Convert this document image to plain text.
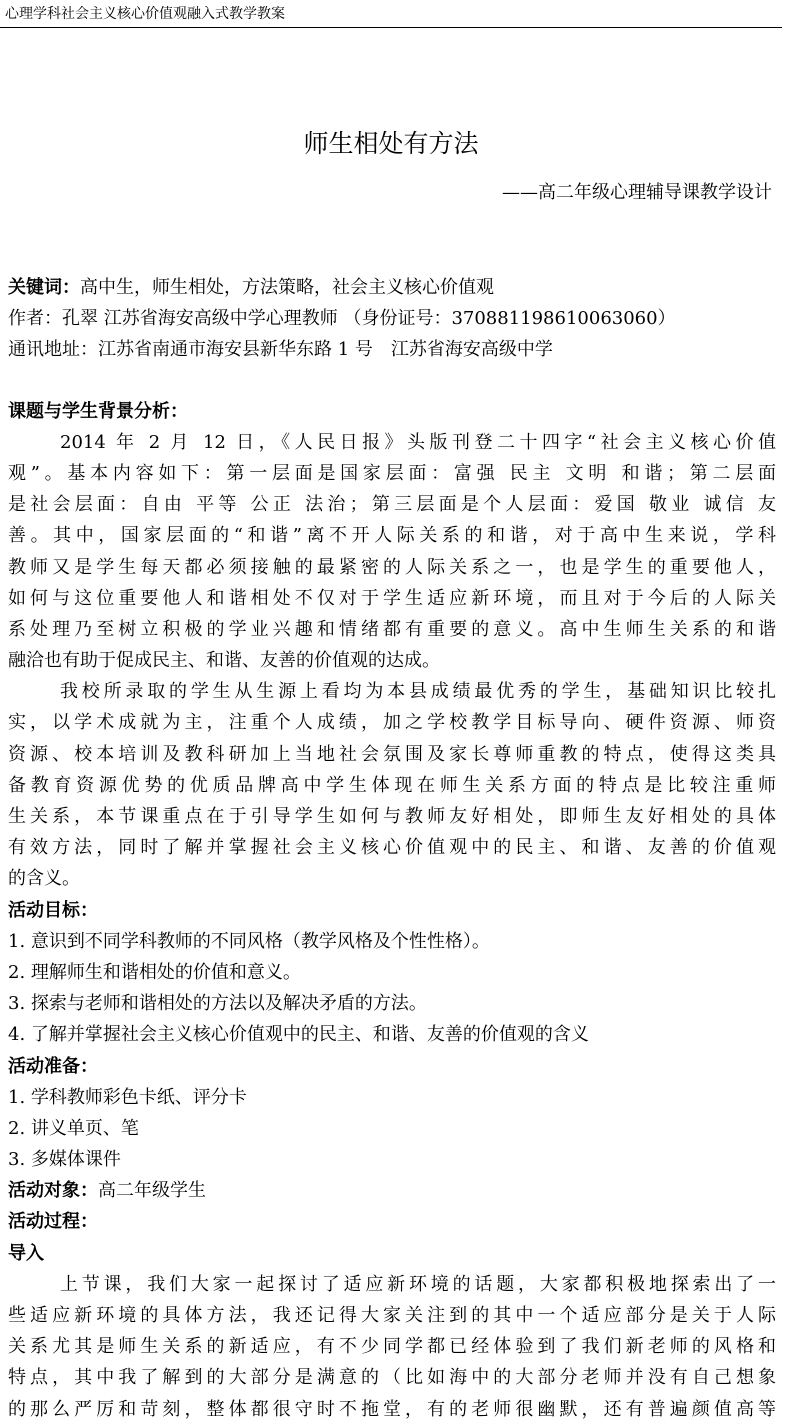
心理学科社会主义核心价值观融入式教学教案
师生相处有方法
——高二年级心理辅导课教学设计
关键词：高中生，师生相处，方法策略，社会主义核心价值观
作者：孔翠 江苏省海安高级中学心理教师 （身份证号：370881198610063060）
通讯地址：江苏省南通市海安县新华东路 1 号　江苏省海安高级中学
课题与学生背景分析：
2014 年 2 月 12 日，《人民日报》头版刊登二十四字“社会主义核心价值
观”。基本内容如下：第一层面是国家层面：富强 民主 文明 和谐；第二层面
是社会层面：自由 平等 公正 法治；第三层面是个人层面：爱国 敬业 诚信 友
善。其中，国家层面的“和谐”离不开人际关系的和谐，对于高中生来说，学科
教师又是学生每天都必须接触的最紧密的人际关系之一，也是学生的重要他人，
如何与这位重要他人和谐相处不仅对于学生适应新环境，而且对于今后的人际关
系处理乃至树立积极的学业兴趣和情绪都有重要的意义。高中生师生关系的和谐
融洽也有助于促成民主、和谐、友善的价值观的达成。
我校所录取的学生从生源上看均为本县成绩最优秀的学生，基础知识比较扎
实，以学术成就为主，注重个人成绩，加之学校教学目标导向、硬件资源、师资
资源、校本培训及教科研加上当地社会氛围及家长尊师重教的特点，使得这类具
备教育资源优势的优质品牌高中学生体现在师生关系方面的特点是比较注重师
生关系，本节课重点在于引导学生如何与教师友好相处，即师生友好相处的具体
有效方法，同时了解并掌握社会主义核心价值观中的民主、和谐、友善的价值观
的含义。
活动目标：
1. 意识到不同学科教师的不同风格（教学风格及个性性格）。
2. 理解师生和谐相处的价值和意义。
3. 探索与老师和谐相处的方法以及解决矛盾的方法。
4. 了解并掌握社会主义核心价值观中的民主、和谐、友善的价值观的含义
活动准备：
1. 学科教师彩色卡纸、评分卡
2. 讲义单页、笔
3. 多媒体课件
活动对象：高二年级学生
活动过程：
导入
上节课，我们大家一起探讨了适应新环境的话题，大家都积极地探索出了一
些适应新环境的具体方法，我还记得大家关注到的其中一个适应部分是关于人际
关系尤其是师生关系的新适应，有不少同学都已经体验到了我们新老师的风格和
特点，其中我了解到的大部分是满意的（比如海中的大部分老师并没有自己想象
的那么严厉和苛刻，整体都很守时不拖堂，有的老师很幽默，还有普遍颜值高等
